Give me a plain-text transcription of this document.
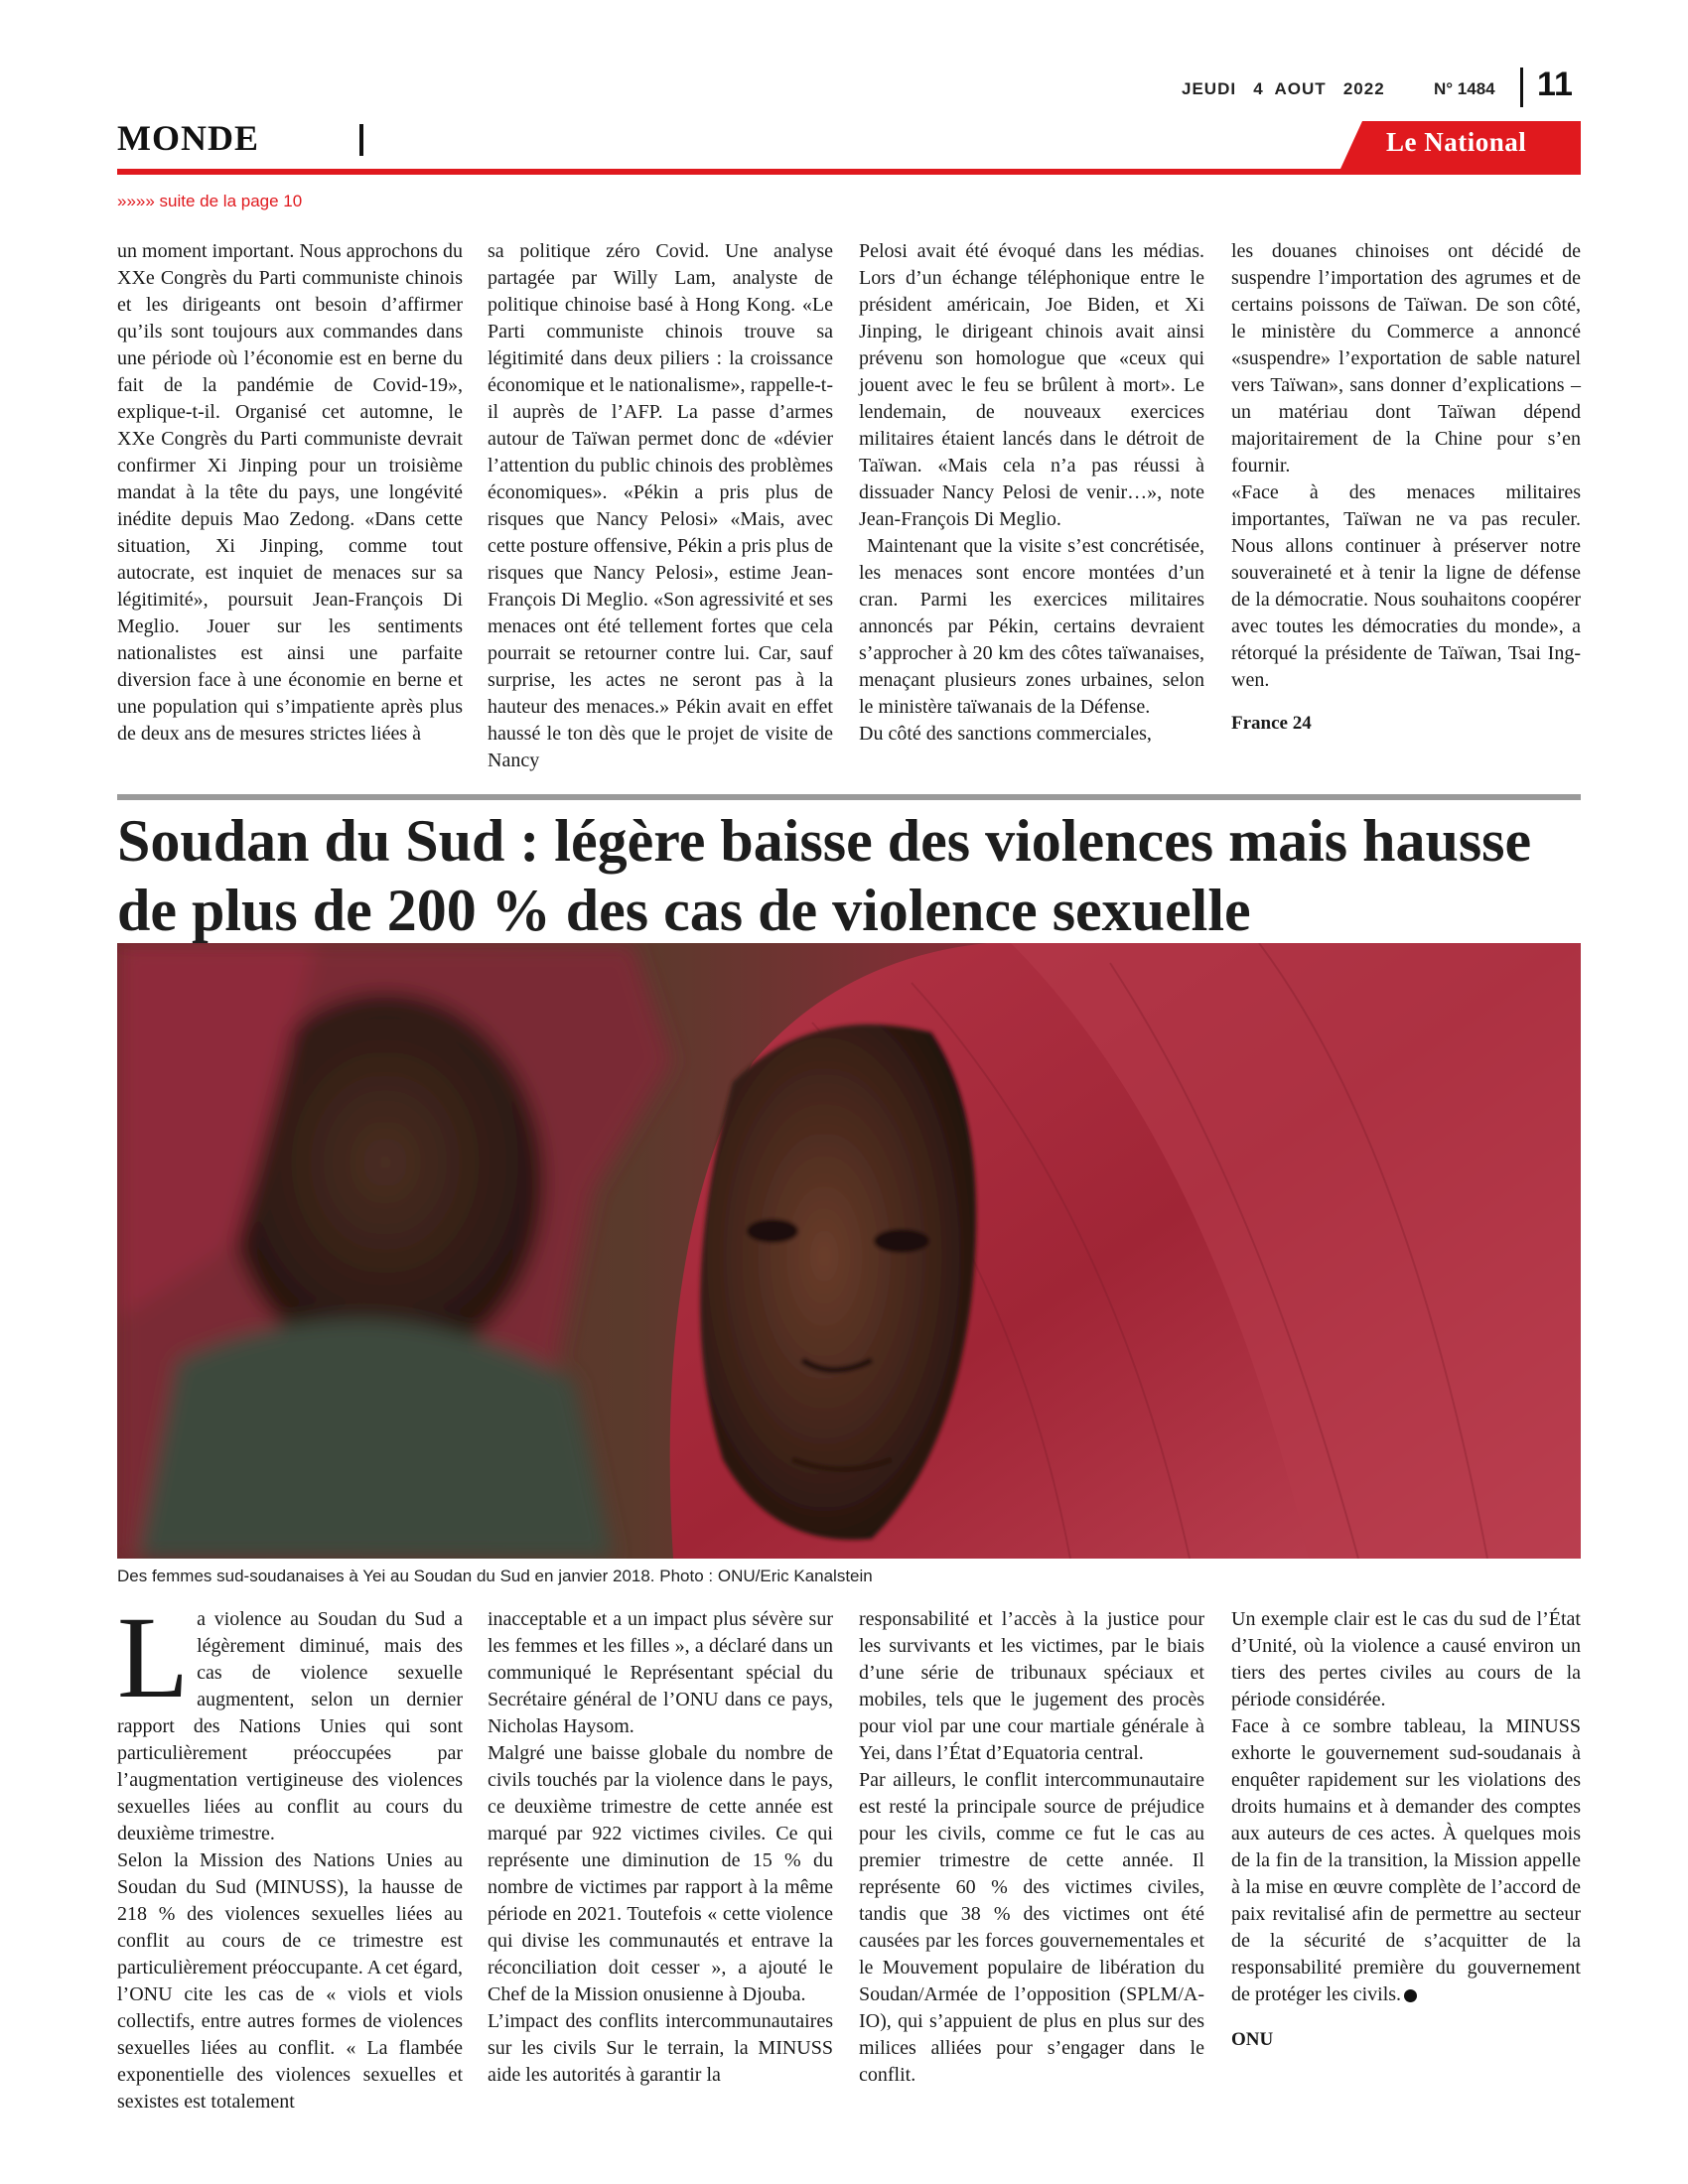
JEUDI   4  AOUT   2022	N° 1484 11
MONDE	Le National
»»»» suite de la page 10

un moment important. Nous approchons du XXe Congrès du Parti communiste chinois et les dirigeants ont besoin d’affirmer qu’ils sont toujours aux commandes dans une période où l’économie est en berne du fait de la pandémie de Covid-19», explique-t-il. Organisé cet automne, le XXe Congrès du Parti communiste devrait confirmer Xi Jinping pour un troisième mandat à la tête du pays, une longévité inédite depuis Mao Zedong. «Dans cette situation, Xi Jinping, comme tout autocrate, est inquiet de menaces sur sa légitimité», poursuit Jean-François Di Meglio. Jouer sur les sentiments nationalistes est ainsi une parfaite diversion face à une économie en berne et une population qui s’impatiente après plus de deux ans de mesures strictes liées à

sa politique zéro Covid. Une analyse partagée par Willy Lam, analyste de politique chinoise basé à Hong Kong. «Le Parti communiste chinois trouve sa légitimité dans deux piliers : la croissance économique et le nationalisme», rappelle-t-il auprès de l’AFP. La passe d’armes autour de Taïwan permet donc de «dévier l’attention du public chinois des problèmes économiques». «Pékin a pris plus de risques que Nancy Pelosi» «Mais, avec cette posture offensive, Pékin a pris plus de risques que Nancy Pelosi», estime Jean-François Di Meglio. «Son agressivité et ses menaces ont été tellement fortes que cela pourrait se retourner contre lui. Car, sauf surprise, les actes ne seront pas à la hauteur des menaces.» Pékin avait en effet haussé le ton dès que le projet de visite de Nancy

Pelosi avait été évoqué dans les médias. Lors d’un échange téléphonique entre le président américain, Joe Biden, et Xi Jinping, le dirigeant chinois avait ainsi prévenu son homologue que «ceux qui jouent avec le feu se brûlent à mort». Le lendemain, de nouveaux exercices militaires étaient lancés dans le détroit de Taïwan. «Mais cela n’a pas réussi à dissuader Nancy Pelosi de venir…», note Jean-François Di Meglio.

Maintenant que la visite s’est concrétisée, les menaces sont encore montées d’un cran. Parmi les exercices militaires annoncés par Pékin, certains devraient s’approcher à 20 km des côtes taïwanaises, menaçant plusieurs zones urbaines, selon le ministère taïwanais de la Défense.

Du côté des sanctions commerciales,

les douanes chinoises ont décidé de suspendre l’importation des agrumes et de certains poissons de Taïwan. De son côté, le ministère du Commerce a annoncé «suspendre» l’exportation de sable naturel vers Taïwan», sans donner d’explications – un matériau dont Taïwan dépend majoritairement de la Chine pour s’en fournir.

«Face à des menaces militaires importantes, Taïwan ne va pas reculer. Nous allons continuer à préserver notre souveraineté et à tenir la ligne de défense de la démocratie. Nous souhaitons coopérer avec toutes les démocraties du monde», a rétorqué la présidente de Taïwan, Tsai Ing-wen.

France 24

Soudan du Sud : légère baisse des violences mais hausse de plus de 200 % des cas de violence sexuelle
Des femmes sud-soudanaises à Yei au Soudan du Sud en janvier 2018. Photo : ONU/Eric Kanalstein

La violence au Soudan du Sud a légèrement diminué, mais des cas de violence sexuelle augmentent, selon un dernier rapport des Nations Unies qui sont particulièrement préoccupées par l’augmentation vertigineuse des violences sexuelles liées au conflit au cours du deuxième trimestre.

Selon la Mission des Nations Unies au Soudan du Sud (MINUSS), la hausse de 218 % des violences sexuelles liées au conflit au cours de ce trimestre est particulièrement préoccupante. A cet égard, l’ONU cite les cas de « viols et viols collectifs, entre autres formes de violences sexuelles liées au conflit. « La flambée exponentielle des violences sexuelles et sexistes est totalement

inacceptable et a un impact plus sévère sur les femmes et les filles », a déclaré dans un communiqué le Représentant spécial du Secrétaire général de l’ONU dans ce pays, Nicholas Haysom.

Malgré une baisse globale du nombre de civils touchés par la violence dans le pays, ce deuxième trimestre de cette année est marqué par 922 victimes civiles. Ce qui représente une diminution de 15 % du nombre de victimes par rapport à la même période en 2021. Toutefois « cette violence qui divise les communautés et entrave la réconciliation doit cesser », a ajouté le Chef de la Mission onusienne à Djouba.

L’impact des conflits intercommunautaires sur les civils Sur le terrain, la MINUSS aide les autorités à garantir la

responsabilité et l’accès à la justice pour les survivants et les victimes, par le biais d’une série de tribunaux spéciaux et mobiles, tels que le jugement des procès pour viol par une cour martiale générale à Yei, dans l’État d’Equatoria central.

Par ailleurs, le conflit intercommunautaire est resté la principale source de préjudice pour les civils, comme ce fut le cas au premier trimestre de cette année. Il représente 60 % des victimes civiles, tandis que 38 % des victimes ont été causées par les forces gouvernementales et le Mouvement populaire de libération du Soudan/Armée de l’opposition (SPLM/A-IO), qui s’appuient de plus en plus sur des milices alliées pour s’engager dans le conflit.

Un exemple clair est le cas du sud de l’État d’Unité, où la violence a causé environ un tiers des pertes civiles au cours de la période considérée.

Face à ce sombre tableau, la MINUSS exhorte le gouvernement sud-soudanais à enquêter rapidement sur les violations des droits humains et à demander des comptes aux auteurs de ces actes. À quelques mois de la fin de la transition, la Mission appelle à la mise en œuvre complète de l’accord de paix revitalisé afin de permettre au secteur de la sécurité de s’acquitter de la responsabilité première du gouvernement de protéger les civils.

ONU
